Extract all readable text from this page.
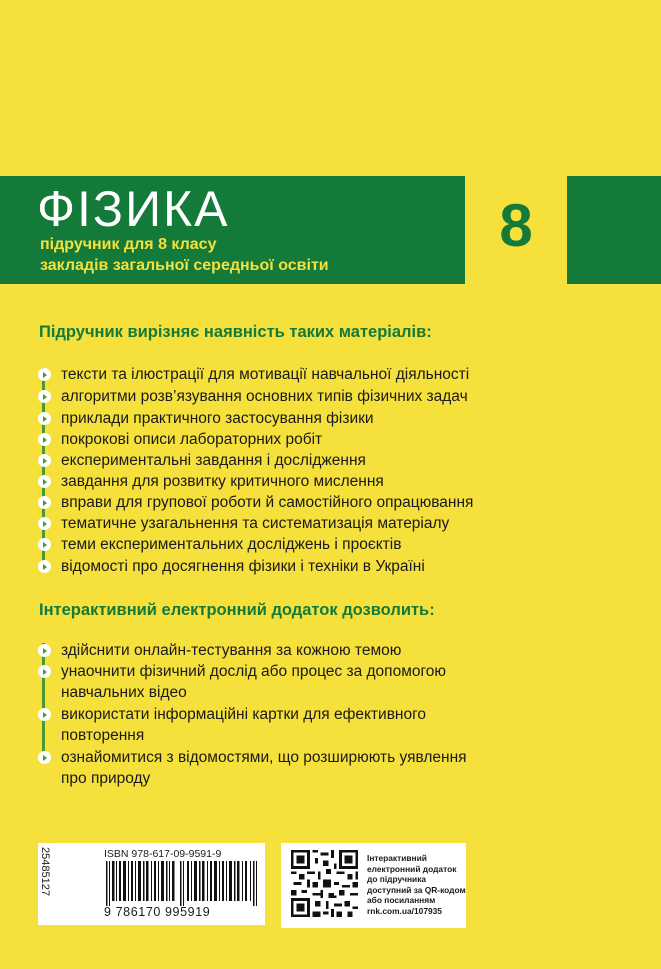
ФІЗИКА
підручник для 8 класу
закладів загальної середньої освіти
8
Підручник вирізняє наявність таких матеріалів:
тексти та ілюстрації для мотивації навчальної діяльності
алгоритми розв’язування основних типів фізичних задач
приклади практичного застосування фізики
покрокові описи лабораторних робіт
експериментальні завдання і дослідження
завдання для розвитку критичного мислення
вправи для групової роботи й самостійного опрацювання
тематичне узагальнення та систематизація матеріалу
теми експериментальних досліджень і проєктів
відомості про досягнення фізики і техніки в Україні
Інтерактивний електронний додаток дозволить:
здійснити онлайн-тестування за кожною темою
унаочнити фізичний дослід або процес за допомогою
навчальних відео
використати інформаційні картки для ефективного
повторення
ознайомитися з відомостями, що розширюють уявлення
про природу
25485127	ISBN 978-617-09-9591-9
9 786170 995919
Інтерактивний
електронний додаток
до підручника
доступний за QR-кодом
або посиланням
rnk.com.ua/107935
